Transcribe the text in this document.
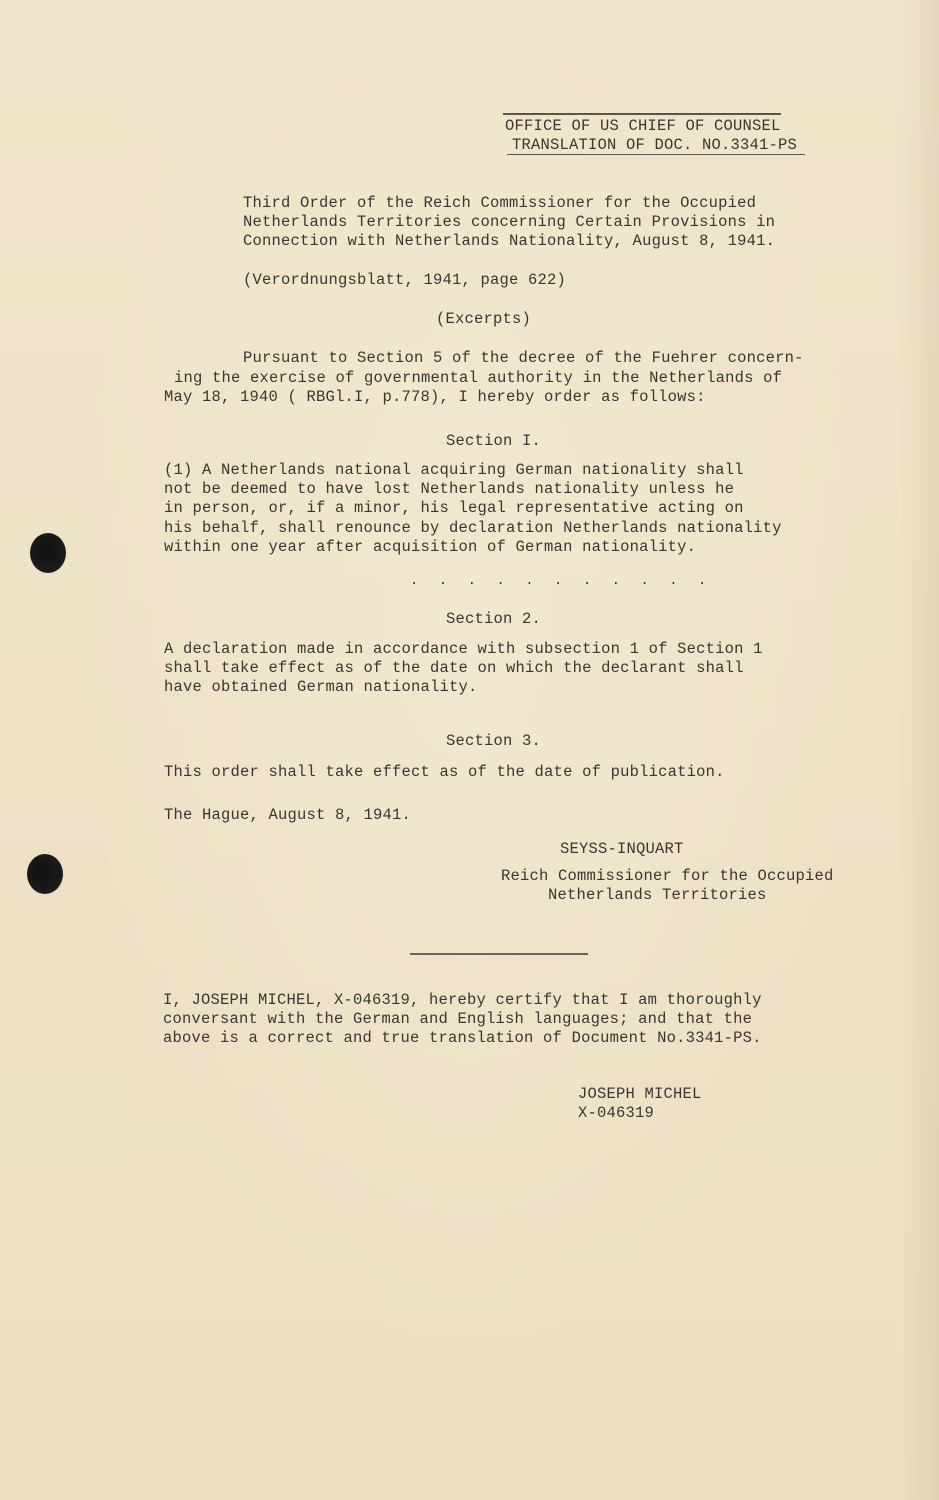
OFFICE OF US CHIEF OF COUNSEL
TRANSLATION OF DOC. NO.3341-PS
Third Order of the Reich Commissioner for the Occupied
Netherlands Territories concerning Certain Provisions in
Connection with Netherlands Nationality, August 8, 1941.
(Verordnungsblatt, 1941, page 622)
(Excerpts)
Pursuant to Section 5 of the decree of the Fuehrer concern-
ing the exercise of governmental authority in the Netherlands of
May 18, 1940 ( RBGl.I, p.778), I hereby order as follows:
Section I.
(1) A Netherlands national acquiring German nationality shall
not be deemed to have lost Netherlands nationality unless he
in person, or, if a minor, his legal representative acting on
his behalf, shall renounce by declaration Netherlands nationality
within one year after acquisition of German nationality.
. . . . . . . . . . .
Section 2.
A declaration made in accordance with subsection 1 of Section 1
shall take effect as of the date on which the declarant shall
have obtained German nationality.
Section 3.
This order shall take effect as of the date of publication.
The Hague, August 8, 1941.
SEYSS-INQUART
Reich Commissioner for the Occupied
Netherlands Territories
I, JOSEPH MICHEL, X-046319, hereby certify that I am thoroughly
conversant with the German and English languages; and that the
above is a correct and true translation of Document No.3341-PS.
JOSEPH MICHEL
X-046319
